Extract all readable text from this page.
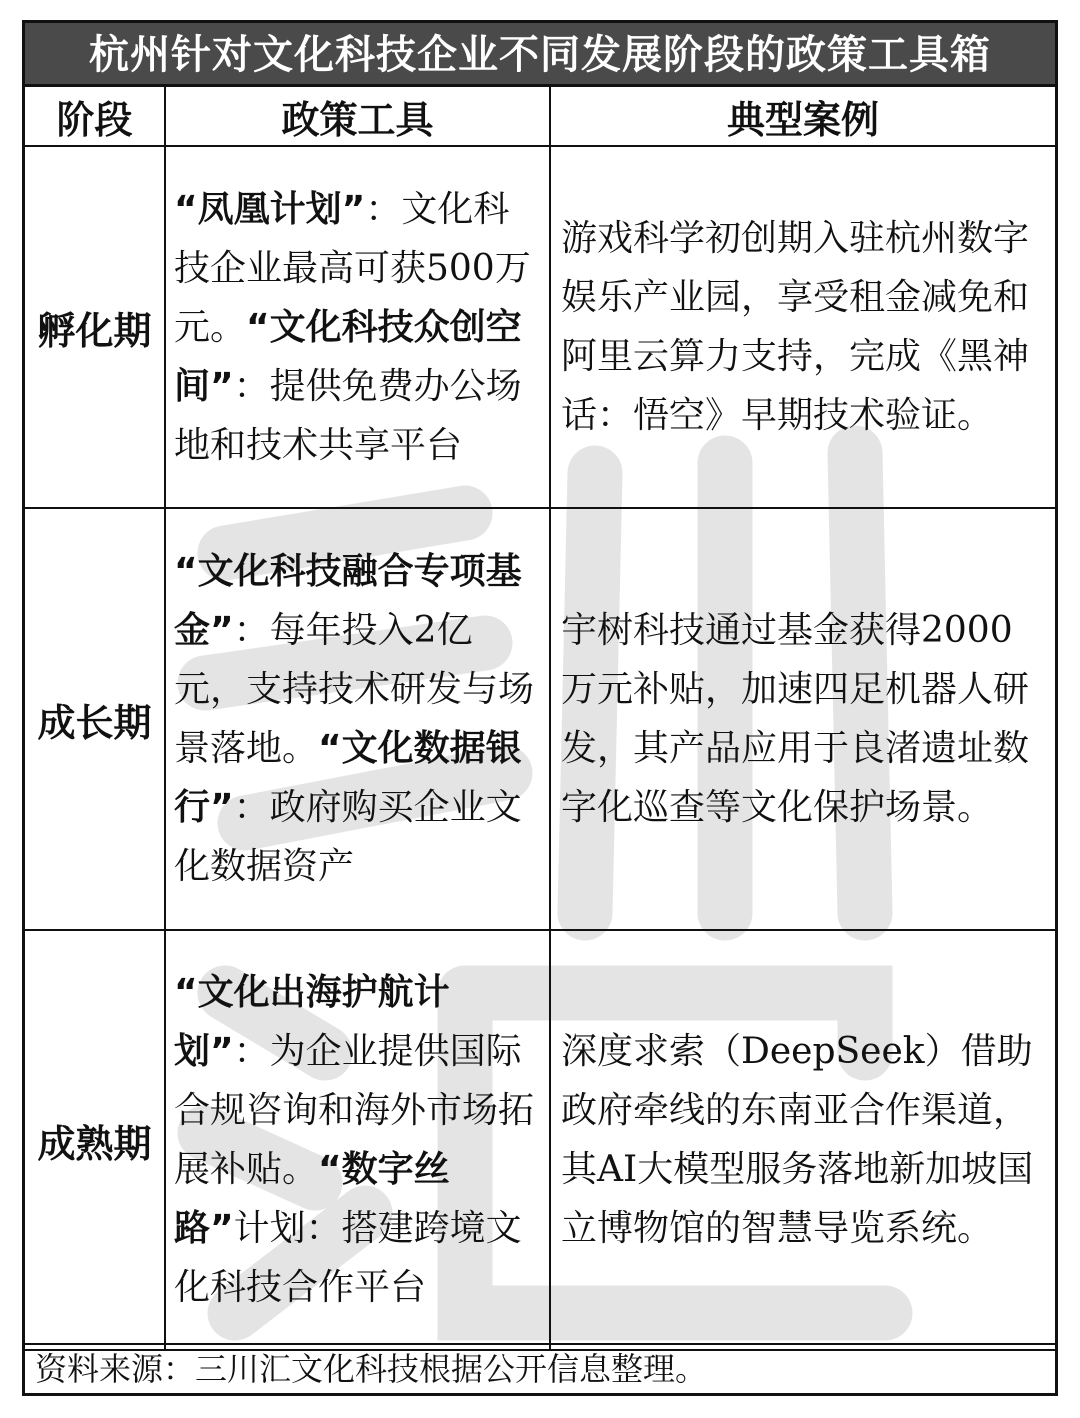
杭州针对文化科技企业不同发展阶段的政策工具箱
阶段	政策工具	典型案例
孵化期	“凤凰计划”：文化科技企业最高可获500万元。“文化科技众创空间”：提供免费办公场地和技术共享平台	游戏科学初创期入驻杭州数字娱乐产业园，享受租金减免和阿里云算力支持，完成《黑神话：悟空》早期技术验证。
成长期	“文化科技融合专项基金”：每年投入2亿元，支持技术研发与场景落地。“文化数据银行”：政府购买企业文化数据资产	宇树科技通过基金获得2000万元补贴，加速四足机器人研发，其产品应用于良渚遗址数字化巡查等文化保护场景。
成熟期	“文化出海护航计划”：为企业提供国际合规咨询和海外市场拓展补贴。“数字丝路”计划：搭建跨境文化科技合作平台	深度求索（DeepSeek）借助政府牵线的东南亚合作渠道，其AI大模型服务落地新加坡国立博物馆的智慧导览系统。
资料来源：三川汇文化科技根据公开信息整理。
